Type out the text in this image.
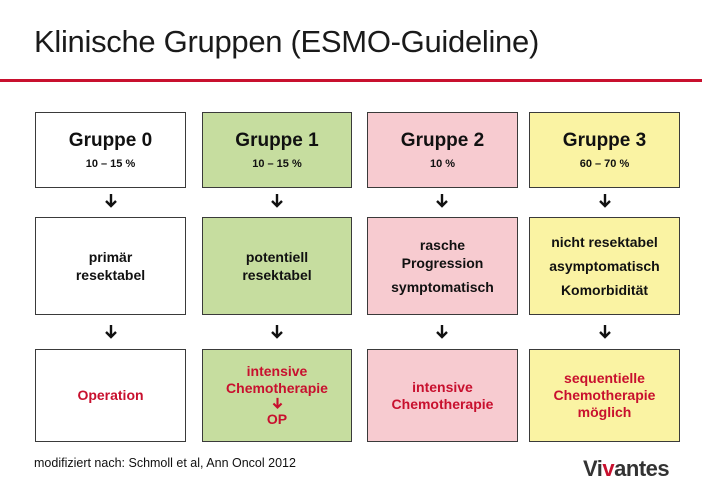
Klinische Gruppen (ESMO-Guideline)
Gruppe 0
10 – 15 %
Gruppe 1
10 – 15 %
Gruppe 2
10 %
Gruppe 3
60 – 70 %
primär
resektabel
potentiell
resektabel
rasche
Progression
symptomatisch
nicht resektabel
asymptomatisch
Komorbidität
Operation
intensive
Chemotherapie
OP
intensive
Chemotherapie
sequentielle
Chemotherapie
möglich
modifiziert nach: Schmoll et al, Ann Oncol 2012	Vivantes
